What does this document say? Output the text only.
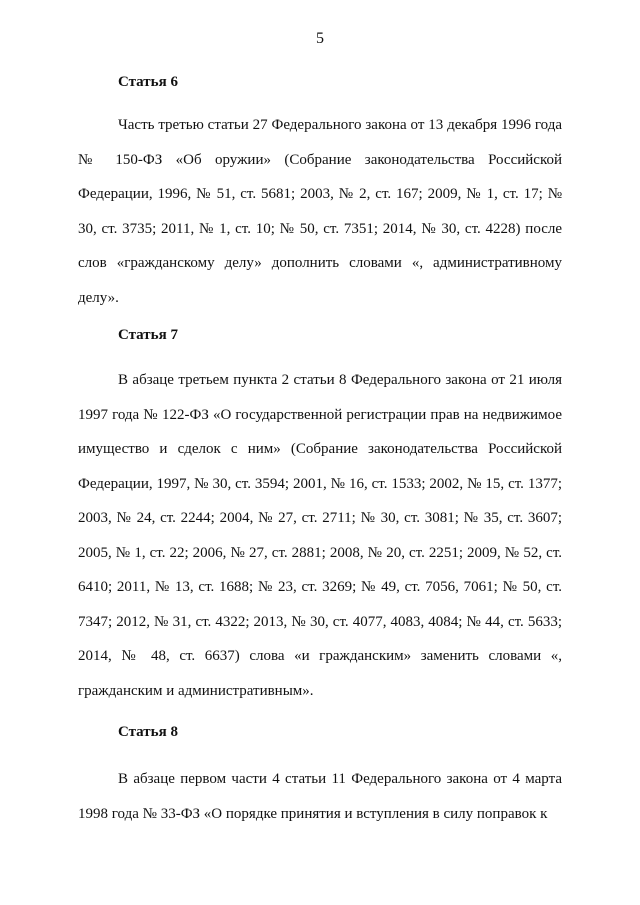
5
Статья 6

Часть третью статьи 27 Федерального закона от 13 декабря 1996 года № 150-ФЗ «Об оружии» (Собрание законодательства Российской Федерации, 1996, № 51, ст. 5681; 2003, № 2, ст. 167; 2009, № 1, ст. 17; № 30, ст. 3735; 2011, № 1, ст. 10; № 50, ст. 7351; 2014, № 30, ст. 4228) после слов «гражданскому делу» дополнить словами «, административному делу».

Статья 7

В абзаце третьем пункта 2 статьи 8 Федерального закона от 21 июля 1997 года № 122-ФЗ «О государственной регистрации прав на недвижимое имущество и сделок с ним» (Собрание законодательства Российской Федерации, 1997, № 30, ст. 3594; 2001, № 16, ст. 1533; 2002, № 15, ст. 1377; 2003, № 24, ст. 2244; 2004, № 27, ст. 2711; № 30, ст. 3081; № 35, ст. 3607; 2005, № 1, ст. 22; 2006, № 27, ст. 2881; 2008, № 20, ст. 2251; 2009, № 52, ст. 6410; 2011, № 13, ст. 1688; № 23, ст. 3269; № 49, ст. 7056, 7061; № 50, ст. 7347; 2012, № 31, ст. 4322; 2013, № 30, ст. 4077, 4083, 4084; № 44, ст. 5633; 2014, № 48, ст. 6637) слова «и гражданским» заменить словами «, гражданским и административным».

Статья 8

В абзаце первом части 4 статьи 11 Федерального закона от 4 марта 1998 года № 33-ФЗ «О порядке принятия и вступления в силу поправок к
